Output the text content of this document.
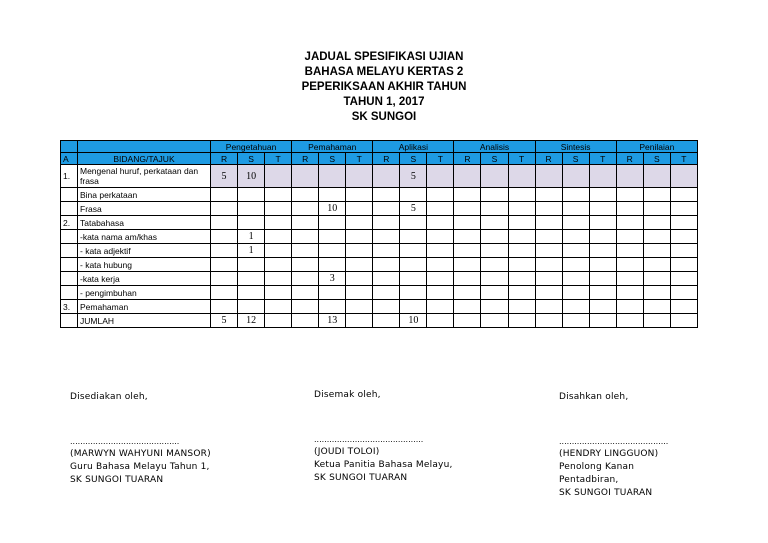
JADUAL SPESIFIKASI UJIAN
BAHASA MELAYU KERTAS 2
PEPERIKSAAN AKHIR TAHUN
TAHUN 1, 2017
SK SUNGOI
		Pengetahuan			Pemahaman			Aplikasi			Analisis			Sintesis			Penilaian		
A	BIDANG/TAJUK	R	S	T	R	S	T	R	S	T	R	S	T	R	S	T	R	S	T
1.	Mengenal huruf, perkataan dan frasa	5	10						5										
	Bina perkataan																		
	Frasa					10			5										
2.	Tatabahasa																		
	-kata nama am/khas		1																
	- kata adjektif		1																
	- kata hubung																		
	-kata kerja					3													
	- pengimbuhan																		
3.	Pemahaman																		
	JUMLAH	5	12			13			10										
Disediakan oleh,
...........................................
(MARWYN WAHYUNI MANSOR)
Guru Bahasa Melayu Tahun 1,
SK SUNGOI TUARAN
Disemak oleh,
...........................................
(JOUDI TOLOI)
Ketua Panitia Bahasa Melayu,
SK SUNGOI TUARAN
Disahkan oleh,
...........................................
(HENDRY LINGGUON)
Penolong Kanan
Pentadbiran,
SK SUNGOI TUARAN
